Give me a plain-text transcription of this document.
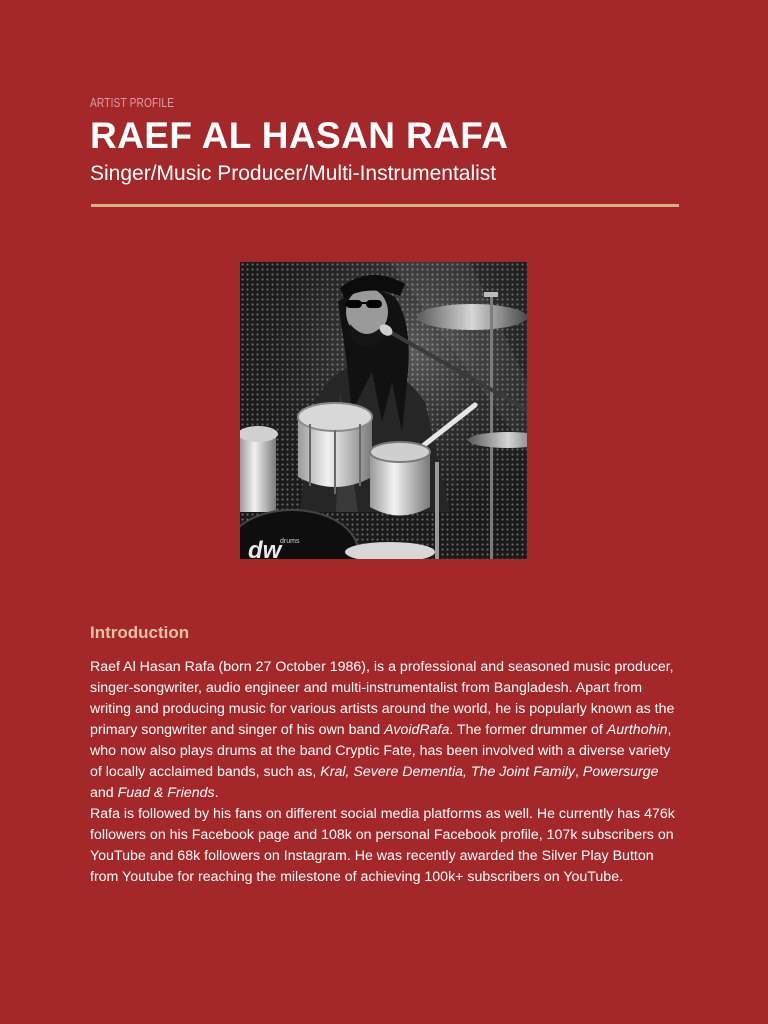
ARTIST PROFILE
RAEF AL HASAN RAFA
Singer/Music Producer/Multi-Instrumentalist
dw
drums
Introduction

Raef Al Hasan Rafa (born 27 October 1986), is a professional and seasoned music producer, singer-songwriter, audio engineer and multi-instrumentalist from Bangladesh. Apart from writing and producing music for various artists around the world, he is popularly known as the primary songwriter and singer of his own band AvoidRafa. The former drummer of Aurthohin, who now also plays drums at the band Cryptic Fate, has been involved with a diverse variety of locally acclaimed bands, such as, Kral, Severe Dementia, The Joint Family, Powersurge and Fuad & Friends.

Rafa is followed by his fans on different social media platforms as well. He currently has 476k followers on his Facebook page and 108k on personal Facebook profile, 107k subscribers on YouTube and 68k followers on Instagram. He was recently awarded the Silver Play Button from Youtube for reaching the milestone of achieving 100k+ subscribers on YouTube.
